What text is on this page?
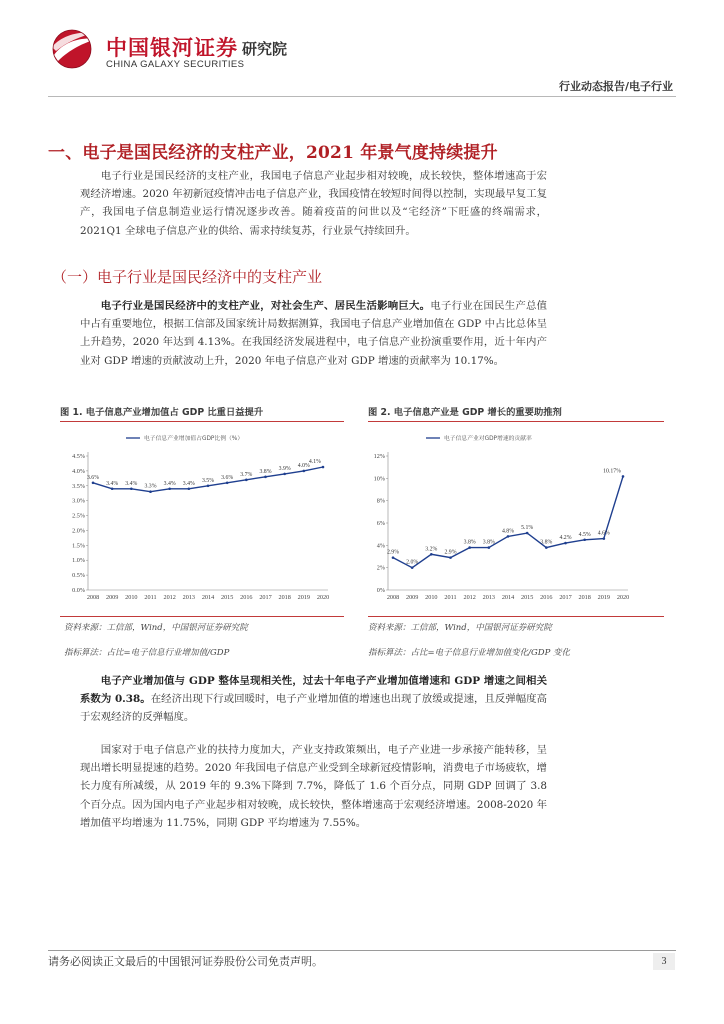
中国银河证券 研究院
CHINA GALAXY SECURITIES
行业动态报告/电子行业
一、电子是国民经济的支柱产业，2021 年景气度持续提升
电子行业是国民经济的支柱产业，我国电子信息产业起步相对较晚，成长较快，整体增速高于宏观经济增速。2020 年初新冠疫情冲击电子信息产业，我国疫情在较短时间得以控制，实现最早复工复产，我国电子信息制造业运行情况逐步改善。随着疫苗的问世以及“宅经济”下旺盛的终端需求，2021Q1 全球电子信息产业的供给、需求持续复苏，行业景气持续回升。
（一）电子行业是国民经济中的支柱产业
电子行业是国民经济中的支柱产业，对社会生产、居民生活影响巨大。电子行业在国民生产总值中占有重要地位，根据工信部及国家统计局数据测算，我国电子信息产业增加值在 GDP 中占比总体呈上升趋势，2020 年达到 4.13%。在我国经济发展进程中，电子信息产业扮演重要作用，近十年内产业对 GDP 增速的贡献波动上升，2020 年电子信息产业对 GDP 增速的贡献率为 10.17%。
图 1. 电子信息产业增加值占 GDP 比重日益提升
电子信息产业增加值占GDP比例（%）
0.0%
0.5%
1.0%
1.5%
2.0%
2.5%
3.0%
3.5%
4.0%
4.5%
2008 2009 2010 2011 2012 2013 2014 2015 2016 2017 2018 2019 2020
3.6%
3.4% 3.4% 3.3% 3.4% 3.4% 3.5% 3.6% 3.7% 3.8% 3.9% 4.0%
4.1%
资料来源：工信部，Wind，中国银河证券研究院
指标算法：占比=电子信息行业增加值/GDP
图 2. 电子信息产业是 GDP 增长的重要助推剂
电子信息产业对GDP增速的贡献率
0%
2%
4%
6%
8%
10%
12%
2008 2009 2010 2011 2012 2013 2014 2015 2016 2017 2018 2019 2020
2.9%
2.0%
3.2%
2.9%
3.8% 3.8%
4.8%
5.1%
3.8%
4.2%
4.5% 4.6%
10.17%
资料来源：工信部，Wind，中国银河证券研究院
指标算法：占比=电子信息行业增加值变化/GDP 变化
电子产业增加值与 GDP 整体呈现相关性，过去十年电子产业增加值增速和 GDP 增速之间相关系数为 0.38。在经济出现下行或回暖时，电子产业增加值的增速也出现了放缓或提速，且反弹幅度高于宏观经济的反弹幅度。
国家对于电子信息产业的扶持力度加大，产业支持政策频出，电子产业进一步承接产能转移，呈现出增长明显提速的趋势。2020 年我国电子信息产业受到全球新冠疫情影响，消费电子市场疲软，增长力度有所减缓，从 2019 年的 9.3%下降到 7.7%，降低了 1.6 个百分点，同期 GDP 回调了 3.8 个百分点。因为国内电子产业起步相对较晚，成长较快，整体增速高于宏观经济增速。2008-2020 年增加值平均增速为 11.75%，同期 GDP 平均增速为 7.55%。
请务必阅读正文最后的中国银河证券股份公司免责声明。	3
